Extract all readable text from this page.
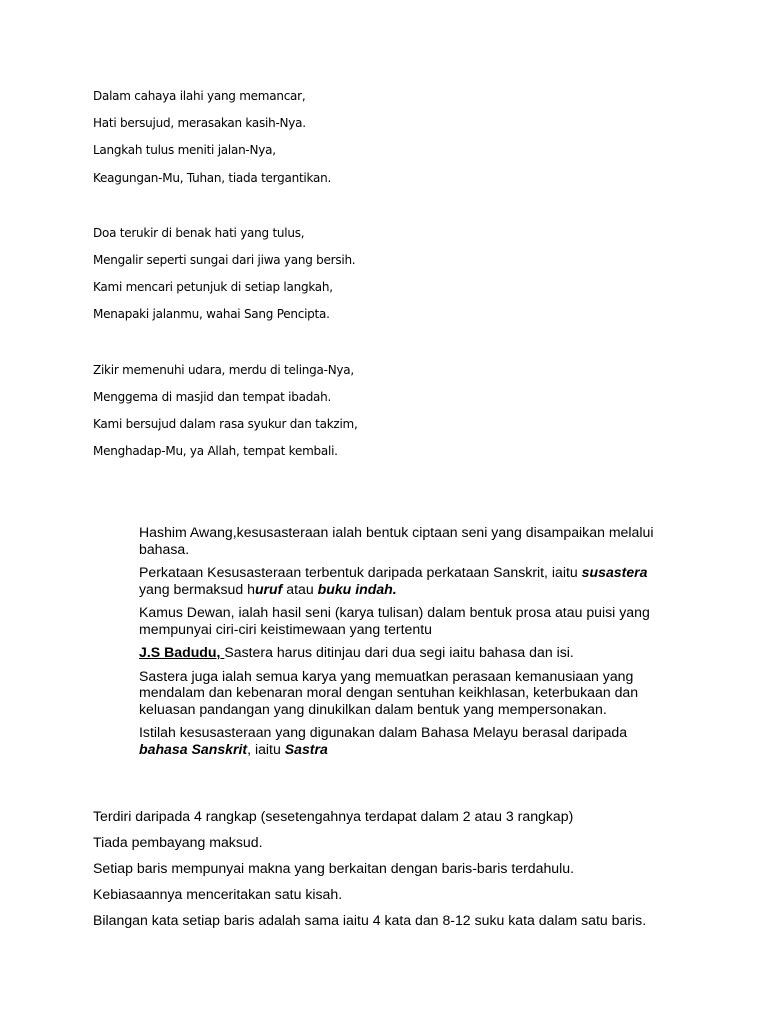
Dalam cahaya ilahi yang memancar,

Hati bersujud, merasakan kasih-Nya.

Langkah tulus meniti jalan-Nya,

Keagungan-Mu, Tuhan, tiada tergantikan.

Doa terukir di benak hati yang tulus,

Mengalir seperti sungai dari jiwa yang bersih.

Kami mencari petunjuk di setiap langkah,

Menapaki jalanmu, wahai Sang Pencipta.

Zikir memenuhi udara, merdu di telinga-Nya,

Menggema di masjid dan tempat ibadah.

Kami bersujud dalam rasa syukur dan takzim,

Menghadap-Mu, ya Allah, tempat kembali.

Hashim Awang,kesusasteraan ialah bentuk ciptaan seni yang disampaikan melalui bahasa.

Perkataan Kesusasteraan terbentuk daripada perkataan Sanskrit, iaitu susastera yang bermaksud huruf atau buku indah.

Kamus Dewan, ialah hasil seni (karya tulisan) dalam bentuk prosa atau puisi yang mempunyai ciri-ciri keistimewaan yang tertentu

J.S Badudu, Sastera harus ditinjau dari dua segi iaitu bahasa dan isi.

Sastera juga ialah semua karya yang memuatkan perasaan kemanusiaan yang mendalam dan kebenaran moral dengan sentuhan keikhlasan, keterbukaan dan keluasan pandangan yang dinukilkan dalam bentuk yang mempersonakan.

Istilah kesusasteraan yang digunakan dalam Bahasa Melayu berasal daripada bahasa Sanskrit, iaitu Sastra

Terdiri daripada 4 rangkap (sesetengahnya terdapat dalam 2 atau 3 rangkap)

Tiada pembayang maksud.

Setiap baris mempunyai makna yang berkaitan dengan baris-baris terdahulu.

Kebiasaannya menceritakan satu kisah.

Bilangan kata setiap baris adalah sama iaitu 4 kata dan 8-12 suku kata dalam satu baris.
